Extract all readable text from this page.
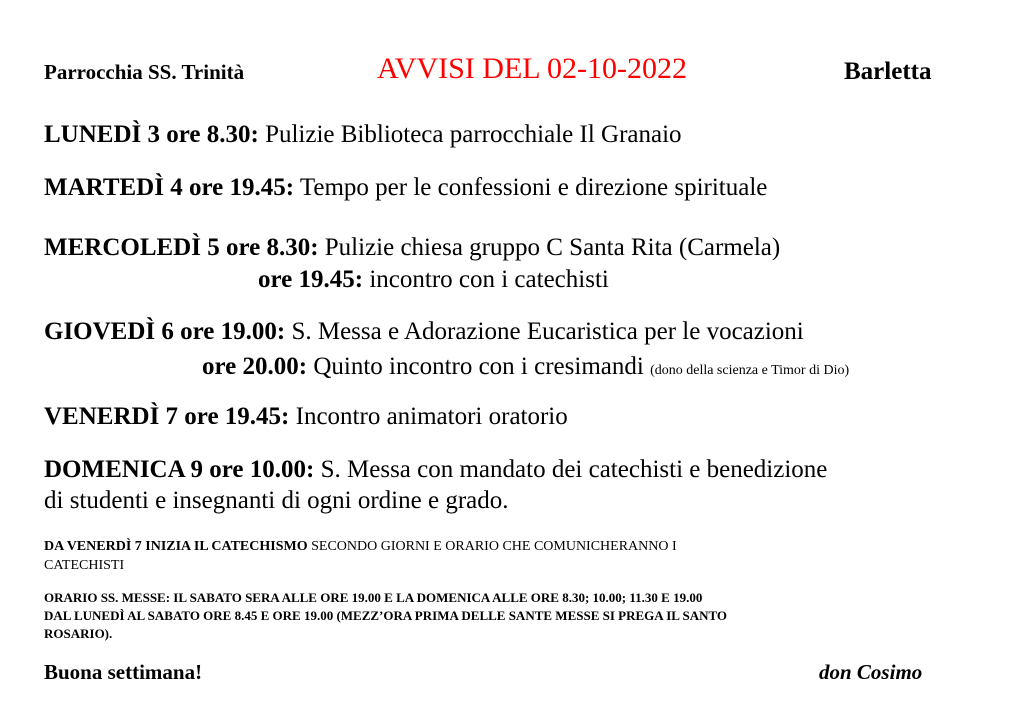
Parrocchia SS. Trinità	AVVISI DEL 02-10-2022	Barletta
LUNEDÌ 3 ore 8.30: Pulizie Biblioteca parrocchiale Il Granaio
MARTEDÌ 4 ore 19.45: Tempo per le confessioni e direzione spirituale
MERCOLEDÌ 5 ore 8.30: Pulizie chiesa gruppo C Santa Rita (Carmela)
ore 19.45: incontro con i catechisti
GIOVEDÌ 6 ore 19.00: S. Messa e Adorazione Eucaristica per le vocazioni
ore 20.00: Quinto incontro con i cresimandi (dono della scienza e Timor di Dio)
VENERDÌ 7 ore 19.45: Incontro animatori oratorio
DOMENICA 9 ore 10.00: S. Messa con mandato dei catechisti e benedizione
di studenti e insegnanti di ogni ordine e grado.
DA VENERDÌ 7 INIZIA IL CATECHISMO SECONDO GIORNI E ORARIO CHE COMUNICHERANNO I
CATECHISTI
ORARIO SS. MESSE: IL SABATO SERA ALLE ORE 19.00 E LA DOMENICA ALLE ORE 8.30; 10.00; 11.30 E 19.00
DAL LUNEDÌ AL SABATO ORE 8.45 E ORE 19.00 (MEZZ’ORA PRIMA DELLE SANTE MESSE SI PREGA IL SANTO
ROSARIO).
Buona settimana!	don Cosimo
